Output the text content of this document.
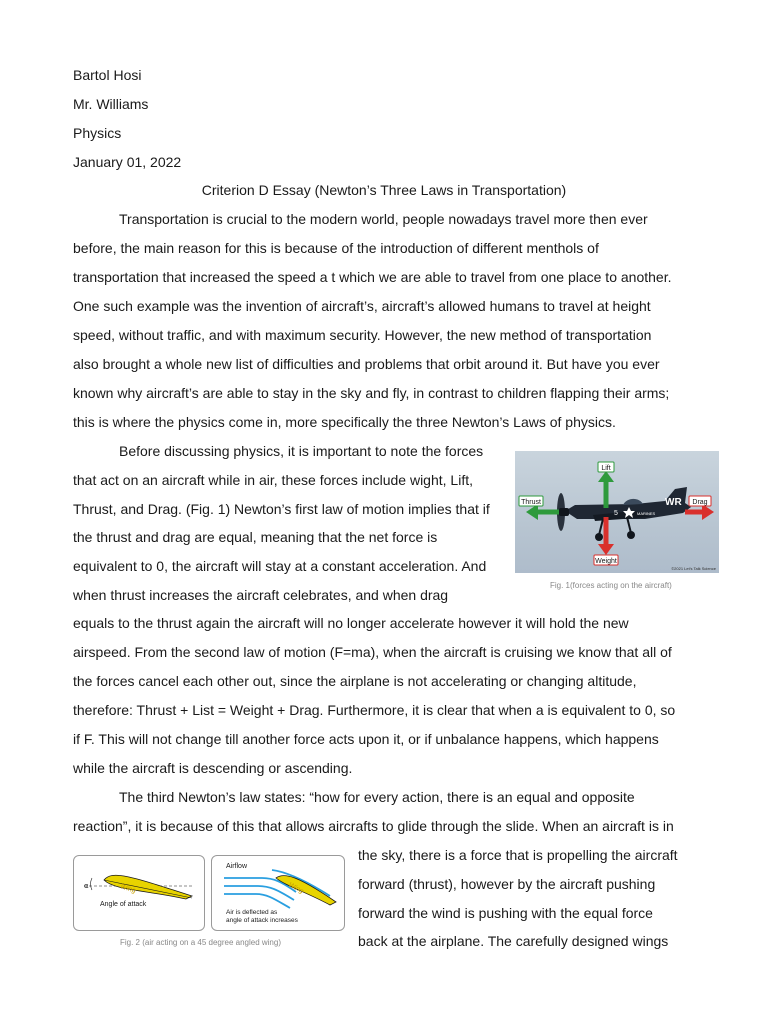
Bartol Hosi
Mr. Williams
Physics
January 01, 2022
Criterion D Essay (Newton’s Three Laws in Transportation)
Transportation is crucial to the modern world, people nowadays travel more then ever
before, the main reason for this is because of the introduction of different menthols of
transportation that increased the speed a t which we are able to travel from one place to another.
One such example was the invention of aircraft’s, aircraft’s allowed humans to travel at height
speed, without traffic, and with maximum security. However, the new method of transportation
also brought a whole new list of difficulties and problems that orbit around it. But have you ever
known why aircraft’s are able to stay in the sky and fly, in contrast to children flapping their arms;
this is where the physics come in, more specifically the three Newton’s Laws of physics.
Before discussing physics, it is important to note the forces
that act on an aircraft while in air, these forces include wight, Lift,
Thrust, and Drag. (Fig. 1) Newton’s first law of motion implies that if
the thrust and drag are equal, meaning that the net force is
equivalent to 0, the aircraft will stay at a constant acceleration. And
when thrust increases the aircraft celebrates, and when drag
equals to the thrust again the aircraft will no longer accelerate however it will hold the new
airspeed. From the second law of motion (F=ma), when the aircraft is cruising we know that all of
the forces cancel each other out, since the airplane is not accelerating or changing altitude,
therefore: Thrust + List = Weight + Drag. Furthermore, it is clear that when a is equivalent to 0, so
if F. This will not change till another force acts upon it, or if unbalance happens, which happens
while the aircraft is descending or ascending.
The third Newton’s law states: “how for every action, there is an equal and opposite
reaction”, it is because of this that allows aircrafts to glide through the slide. When an aircraft is in
the sky, there is a force that is propelling the aircraft
forward (thrust), however by the aircraft pushing
forward the wind is pushing with the equal force
back at the airplane. The carefully designed wings
WR
5	MARINES
Lift
Weight
Thrust	Drag
©2021 Let's Talk Science
Fig. 1(forces acting on the aircraft)
Wing
α
Angle of attack
Airflow
Wing
Air is deflected as
angle of attack increases
Fig. 2 (air acting on a 45 degree angled wing)
